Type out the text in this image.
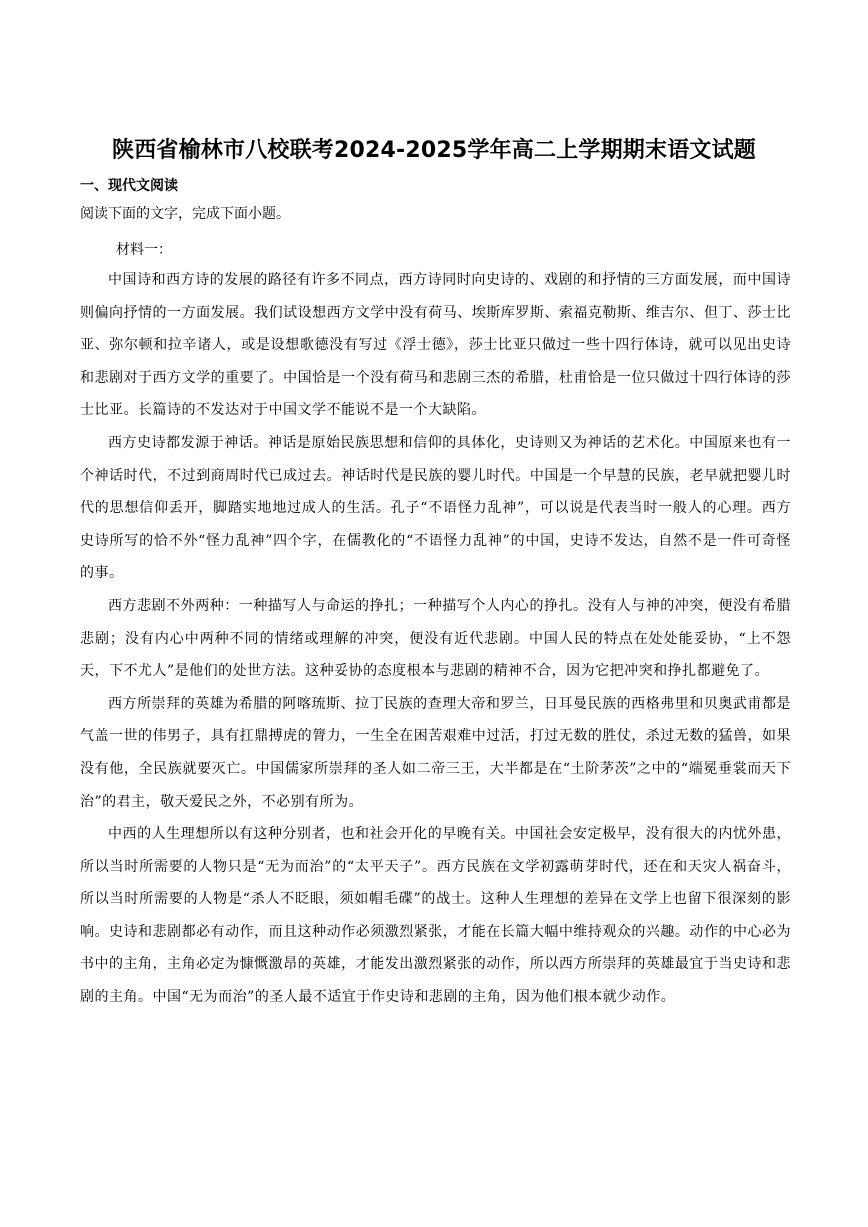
陕西省榆林市八校联考2024-2025学年高二上学期期末语文试题
一、现代文阅读
阅读下面的文字，完成下面小题。
材料一：

中国诗和西方诗的发展的路径有许多不同点，西方诗同时向史诗的、戏剧的和抒情的三方面发展，而中国诗则偏向抒情的一方面发展。我们试设想西方文学中没有荷马、埃斯库罗斯、索福克勒斯、维吉尔、但丁、莎士比亚、弥尔顿和拉辛诸人，或是设想歌德没有写过《浮士德》，莎士比亚只做过一些十四行体诗，就可以见出史诗和悲剧对于西方文学的重要了。中国恰是一个没有荷马和悲剧三杰的希腊，杜甫恰是一位只做过十四行体诗的莎士比亚。长篇诗的不发达对于中国文学不能说不是一个大缺陷。

西方史诗都发源于神话。神话是原始民族思想和信仰的具体化，史诗则又为神话的艺术化。中国原来也有一个神话时代，不过到商周时代已成过去。神话时代是民族的婴儿时代。中国是一个早慧的民族，老早就把婴儿时代的思想信仰丢开，脚踏实地地过成人的生活。孔子“不语怪力乱神”，可以说是代表当时一般人的心理。西方史诗所写的恰不外“怪力乱神”四个字，在儒教化的“不语怪力乱神”的中国，史诗不发达，自然不是一件可奇怪的事。

西方悲剧不外两种：一种描写人与命运的挣扎；一种描写个人内心的挣扎。没有人与神的冲突，便没有希腊悲剧；没有内心中两种不同的情绪或理解的冲突，便没有近代悲剧。中国人民的特点在处处能妥协，“上不怨天，下不尤人”是他们的处世方法。这种妥协的态度根本与悲剧的精神不合，因为它把冲突和挣扎都避免了。

西方所崇拜的英雄为希腊的阿喀琉斯、拉丁民族的查理大帝和罗兰，日耳曼民族的西格弗里和贝奥武甫都是气盖一世的伟男子，具有扛鼎搏虎的膂力，一生全在困苦艰难中过活，打过无数的胜仗，杀过无数的猛兽，如果没有他，全民族就要灭亡。中国儒家所崇拜的圣人如二帝三王，大半都是在“土阶茅茨”之中的“端冕垂裳而天下治”的君主，敬天爱民之外，不必别有所为。

中西的人生理想所以有这种分别者，也和社会开化的早晚有关。中国社会安定极早，没有很大的内忧外患，所以当时所需要的人物只是“无为而治”的“太平天子”。西方民族在文学初露萌芽时代，还在和天灾人祸奋斗，所以当时所需要的人物是“杀人不眨眼，须如帽毛碟”的战士。这种人生理想的差异在文学上也留下很深刻的影响。史诗和悲剧都必有动作，而且这种动作必须激烈紧张，才能在长篇大幅中维持观众的兴趣。动作的中心必为书中的主角，主角必定为慷慨激昂的英雄，才能发出激烈紧张的动作，所以西方所崇拜的英雄最宜于当史诗和悲剧的主角。中国“无为而治”的圣人最不适宜于作史诗和悲剧的主角，因为他们根本就少动作。
